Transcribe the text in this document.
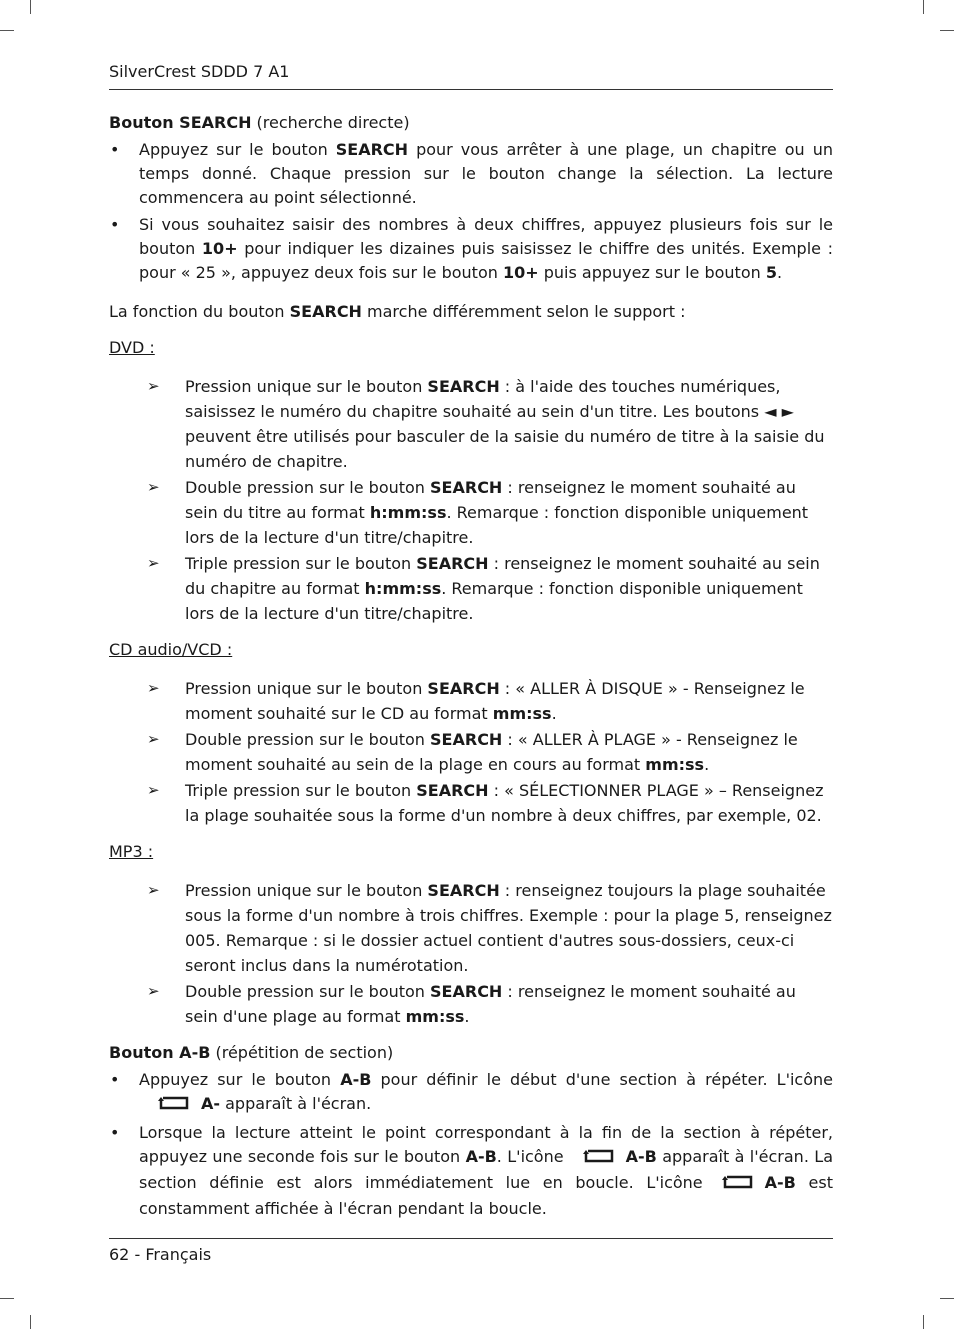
SilverCrest SDDD 7 A1

Bouton SEARCH (recherche directe)

• Appuyez sur le bouton SEARCH pour vous arrêter à une plage, un chapitre ou un temps donné. Chaque pression sur le bouton change la sélection. La lecture commencera au point sélectionné.
• Si vous souhaitez saisir des nombres à deux chiffres, appuyez plusieurs fois sur le bouton 10+ pour indiquer les dizaines puis saisissez le chiffre des unités. Exemple : pour « 25 », appuyez deux fois sur le bouton 10+ puis appuyez sur le bouton 5.

La fonction du bouton SEARCH marche différemment selon le support :

DVD :

➢ Pression unique sur le bouton SEARCH : à l'aide des touches numériques, saisissez le numéro du chapitre souhaité au sein d'un titre. Les boutons ◄ ► peuvent être utilisés pour basculer de la saisie du numéro de titre à la saisie du numéro de chapitre.
➢ Double pression sur le bouton SEARCH : renseignez le moment souhaité au sein du titre au format h:mm:ss. Remarque : fonction disponible uniquement lors de la lecture d'un titre/chapitre.
➢ Triple pression sur le bouton SEARCH : renseignez le moment souhaité au sein du chapitre au format h:mm:ss. Remarque : fonction disponible uniquement lors de la lecture d'un titre/chapitre.

CD audio/VCD :

➢ Pression unique sur le bouton SEARCH : « ALLER À DISQUE » - Renseignez le moment souhaité sur le CD au format mm:ss.
➢ Double pression sur le bouton SEARCH : « ALLER À PLAGE » - Renseignez le moment souhaité au sein de la plage en cours au format mm:ss.
➢ Triple pression sur le bouton SEARCH : « SÉLECTIONNER PLAGE » – Renseignez la plage souhaitée sous la forme d'un nombre à deux chiffres, par exemple, 02.

MP3 :

➢ Pression unique sur le bouton SEARCH : renseignez toujours la plage souhaitée sous la forme d'un nombre à trois chiffres. Exemple : pour la plage 5, renseignez 005. Remarque : si le dossier actuel contient d'autres sous-dossiers, ceux-ci seront inclus dans la numérotation.
➢ Double pression sur le bouton SEARCH : renseignez le moment souhaité au sein d'une plage au format mm:ss.

Bouton A-B (répétition de section)

• Appuyez sur le bouton A-B pour définir le début d'une section à répéter. L'icôneA- apparaît à l'écran.
• Lorsque la lecture atteint le point correspondant à la fin de la section à répéter, appuyez une seconde fois sur le bouton A-B. L'icône	A-B apparaît à l'écran. La section définie est alors immédiatement lue en boucle. L'icône	A-B est constamment affichée à l'écran pendant la boucle.
62 - Français
